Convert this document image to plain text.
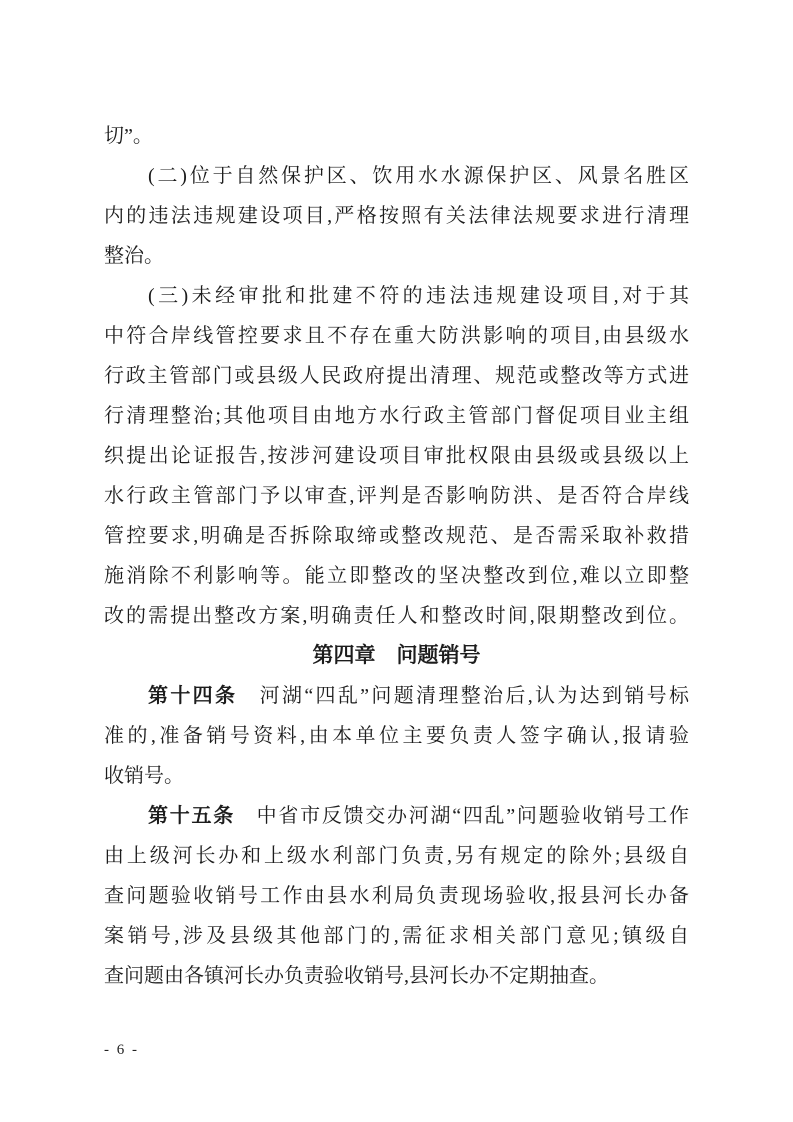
切”。
(二)位于自然保护区、饮用水水源保护区、风景名胜区
内的违法违规建设项目,严格按照有关法律法规要求进行清理
整治。
(三)未经审批和批建不符的违法违规建设项目,对于其
中符合岸线管控要求且不存在重大防洪影响的项目,由县级水
行政主管部门或县级人民政府提出清理、规范或整改等方式进
行清理整治;其他项目由地方水行政主管部门督促项目业主组
织提出论证报告,按涉河建设项目审批权限由县级或县级以上
水行政主管部门予以审查,评判是否影响防洪、是否符合岸线
管控要求,明确是否拆除取缔或整改规范、是否需采取补救措
施消除不利影响等。能立即整改的坚决整改到位,难以立即整
改的需提出整改方案,明确责任人和整改时间,限期整改到位。
第四章　问题销号
第十四条　河湖“四乱”问题清理整治后,认为达到销号标
准的,准备销号资料,由本单位主要负责人签字确认,报请验
收销号。
第十五条　中省市反馈交办河湖“四乱”问题验收销号工作
由上级河长办和上级水利部门负责,另有规定的除外;县级自
查问题验收销号工作由县水利局负责现场验收,报县河长办备
案销号,涉及县级其他部门的,需征求相关部门意见;镇级自
查问题由各镇河长办负责验收销号,县河长办不定期抽查。
- 6 -
